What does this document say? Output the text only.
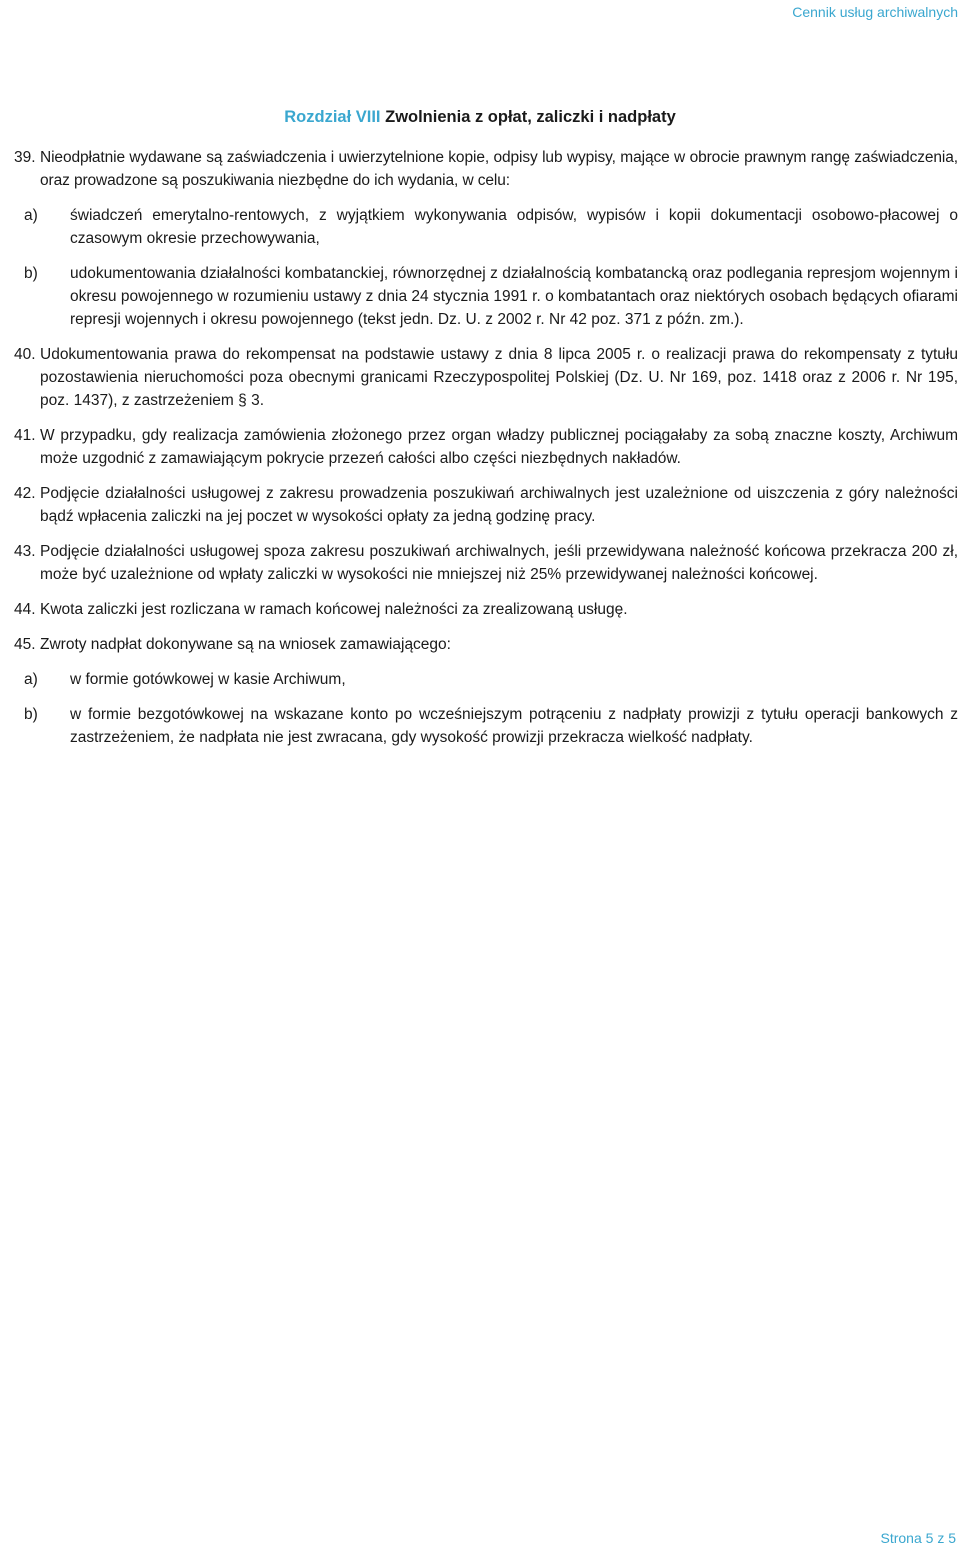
Cennik usług archiwalnych
Rozdział VIII Zwolnienia z opłat, zaliczki i nadpłaty
39. Nieodpłatnie wydawane są zaświadczenia i uwierzytelnione kopie, odpisy lub wypisy, mające w obrocie prawnym rangę zaświadczenia, oraz prowadzone są poszukiwania niezbędne do ich wydania, w celu:
a)	świadczeń emerytalno-rentowych, z wyjątkiem wykonywania odpisów, wypisów i kopii dokumentacji osobowo-płacowej o czasowym okresie przechowywania,
b)	udokumentowania działalności kombatanckiej, równorzędnej z działalnością kombatancką oraz podlegania represjom wojennym i okresu powojennego w rozumieniu ustawy z dnia 24 stycznia 1991 r. o kombatantach oraz niektórych osobach będących ofiarami represji wojennych i okresu powojennego (tekst jedn. Dz. U. z 2002 r. Nr 42 poz. 371 z późn. zm.).
40. Udokumentowania prawa do rekompensat na podstawie ustawy z dnia 8 lipca 2005 r. o realizacji prawa do rekompensaty z tytułu pozostawienia nieruchomości poza obecnymi granicami Rzeczypospolitej Polskiej (Dz. U. Nr 169, poz. 1418 oraz z 2006 r. Nr 195, poz. 1437), z zastrzeżeniem § 3.
41. W przypadku, gdy realizacja zamówienia złożonego przez organ władzy publicznej pociągałaby za sobą znaczne koszty, Archiwum może uzgodnić z zamawiającym pokrycie przezeń całości albo części niezbędnych nakładów.
42. Podjęcie działalności usługowej z zakresu prowadzenia poszukiwań archiwalnych jest uzależnione od uiszczenia z góry należności bądź wpłacenia zaliczki na jej poczet w wysokości opłaty za jedną godzinę pracy.
43. Podjęcie działalności usługowej spoza zakresu poszukiwań archiwalnych, jeśli przewidywana należność końcowa przekracza 200 zł, może być uzależnione od wpłaty zaliczki w wysokości nie mniejszej niż 25% przewidywanej należności końcowej.
44. Kwota zaliczki jest rozliczana w ramach końcowej należności za zrealizowaną usługę.
45. Zwroty nadpłat dokonywane są na wniosek zamawiającego:
a)	w formie gotówkowej w kasie Archiwum,
b)	w formie bezgotówkowej na wskazane konto po wcześniejszym potrąceniu z nadpłaty prowizji z tytułu operacji bankowych z zastrzeżeniem, że nadpłata nie jest zwracana, gdy wysokość prowizji przekracza wielkość nadpłaty.
Strona 5 z 5
